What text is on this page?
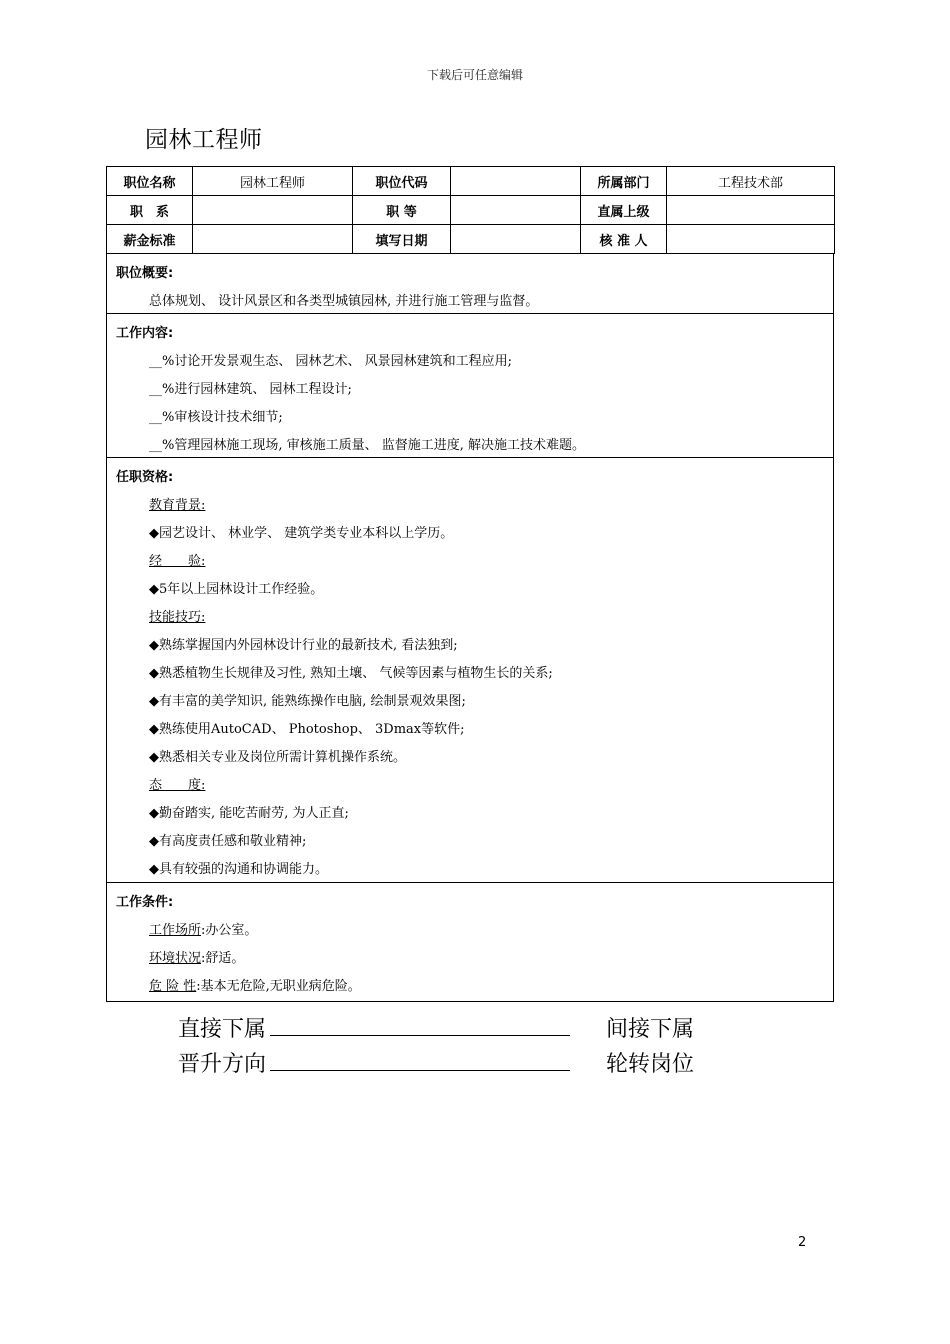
下载后可任意编辑
园林工程师
职位名称	园林工程师	职位代码		所属部门	工程技术部
职　系		职 等		直属上级	
薪金标准		填写日期		核 准 人	
职位概要:
总体规划、 设计风景区和各类型城镇园林, 并进行施工管理与监督。
工作内容:
__%讨论开发景观生态、 园林艺术、 风景园林建筑和工程应用;
__%进行园林建筑、 园林工程设计;
__%审核设计技术细节;
__%管理园林施工现场, 审核施工质量、 监督施工进度, 解决施工技术难题。
任职资格:
教育背景:
◆园艺设计、 林业学、 建筑学类专业本科以上学历。
经　　验:
◆5年以上园林设计工作经验。
技能技巧:
◆熟练掌握国内外园林设计行业的最新技术, 看法独到;
◆熟悉植物生长规律及习性, 熟知土壤、 气候等因素与植物生长的关系;
◆有丰富的美学知识, 能熟练操作电脑, 绘制景观效果图;
◆熟练使用AutoCAD、 Photoshop、 3Dmax等软件;
◆熟悉相关专业及岗位所需计算机操作系统。
态　　度:
◆勤奋踏实, 能吃苦耐劳, 为人正直;
◆有高度责任感和敬业精神;
◆具有较强的沟通和协调能力。
工作条件:
工作场所:办公室。
环境状况:舒适。
危 险 性:基本无危险,无职业病危险。
直接下属	间接下属
晋升方向	轮转岗位
2
